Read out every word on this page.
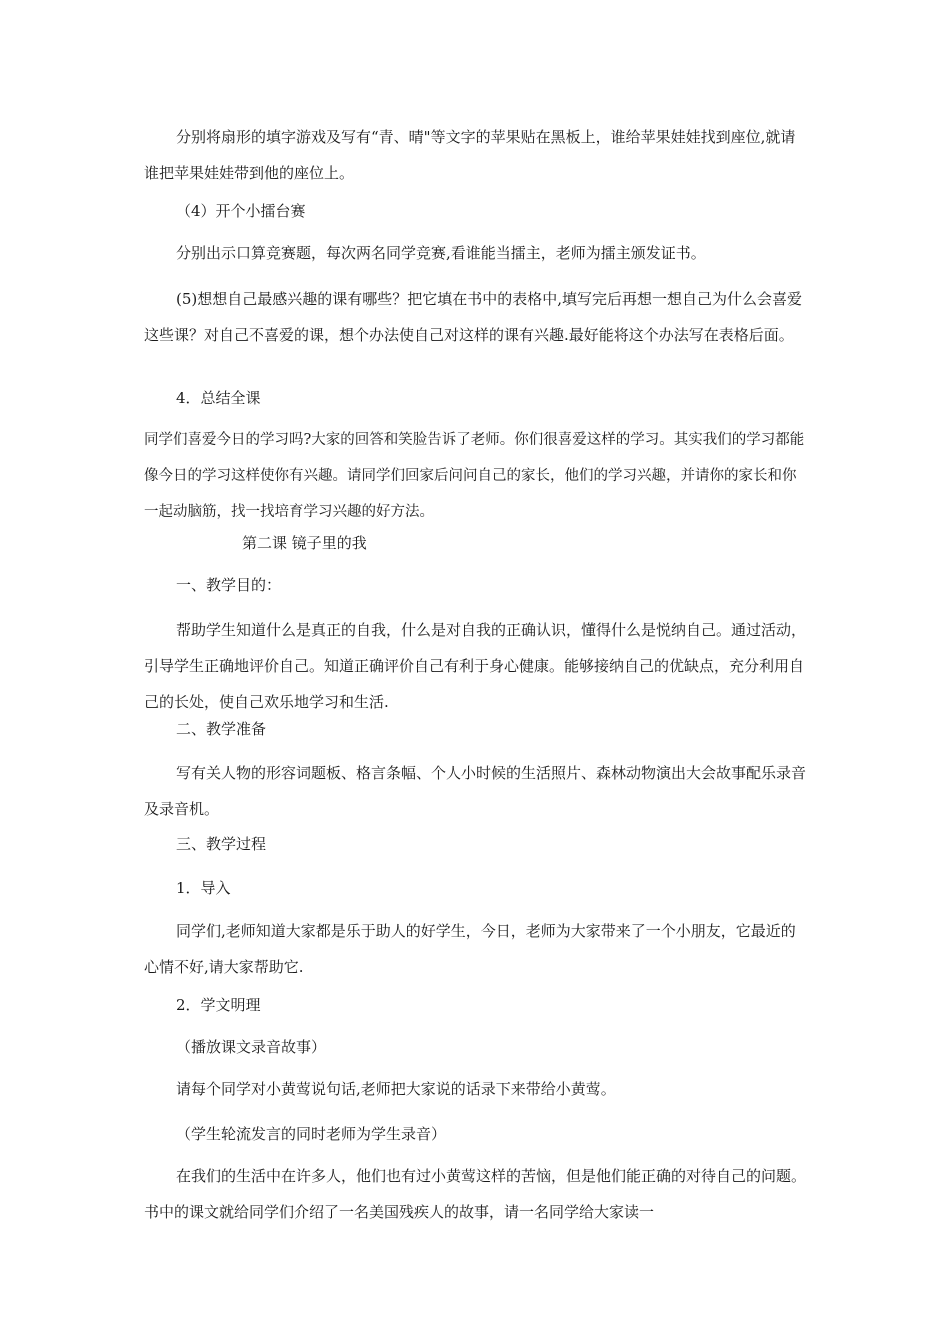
分别将扇形的填字游戏及写有“青、晴"等文字的苹果贴在黑板上，谁给苹果娃娃找到座位,就请谁把苹果娃娃带到他的座位上。

（4）开个小擂台赛

分别出示口算竞赛题，每次两名同学竞赛,看谁能当擂主，老师为擂主颁发证书。

(5)想想自己最感兴趣的课有哪些？把它填在书中的表格中,填写完后再想一想自己为什么会喜爱这些课？对自己不喜爱的课，想个办法使自己对这样的课有兴趣.最好能将这个办法写在表格后面。

4．总结全课

同学们喜爱今日的学习吗?大家的回答和笑脸告诉了老师。你们很喜爱这样的学习。其实我们的学习都能像今日的学习这样使你有兴趣。请同学们回家后问问自己的家长，他们的学习兴趣，并请你的家长和你一起动脑筋，找一找培育学习兴趣的好方法。

第二课 镜子里的我

一、教学目的：

帮助学生知道什么是真正的自我，什么是对自我的正确认识，懂得什么是悦纳自己。通过活动，引导学生正确地评价自己。知道正确评价自己有利于身心健康。能够接纳自己的优缺点，充分利用自己的长处，使自己欢乐地学习和生活.

二、教学准备

写有关人物的形容词题板、格言条幅、个人小时候的生活照片、森林动物演出大会故事配乐录音及录音机。

三、教学过程

1．导入

同学们,老师知道大家都是乐于助人的好学生，今日，老师为大家带来了一个小朋友，它最近的心情不好,请大家帮助它.

2．学文明理

（播放课文录音故事）

请每个同学对小黄莺说句话,老师把大家说的话录下来带给小黄莺。

（学生轮流发言的同时老师为学生录音）

在我们的生活中在许多人，他们也有过小黄莺这样的苦恼，但是他们能正确的对待自己的问题。书中的课文就给同学们介绍了一名美国残疾人的故事，请一名同学给大家读一
